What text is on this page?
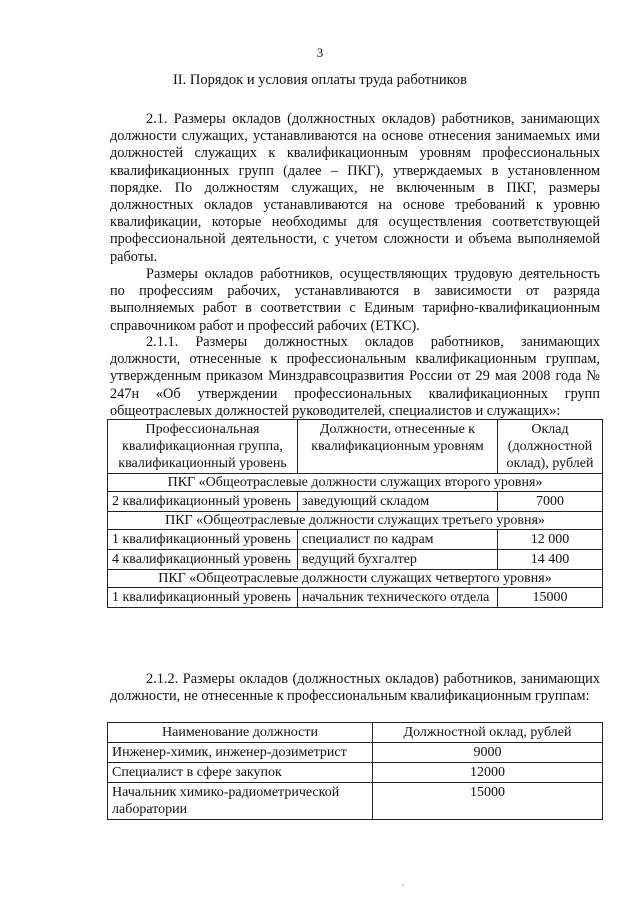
3
II. Порядок и условия оплаты труда работников

2.1. Размеры окладов (должностных окладов) работников, занимающих должности служащих, устанавливаются на основе отнесения занимаемых ими должностей служащих к квалификационным уровням профессиональных квалификационных групп (далее – ПКГ), утверждаемых в установленном порядке. По должностям служащих, не включенным в ПКГ, размеры должностных окладов устанавливаются на основе требований к уровню квалификации, которые необходимы для осуществления соответствующей профессиональной деятельности, с учетом сложности и объема выполняемой работы.

Размеры окладов работников, осуществляющих трудовую деятельность по профессиям рабочих, устанавливаются в зависимости от разряда выполняемых работ в соответствии с Единым тарифно-квалификационным справочником работ и профессий рабочих (ЕТКС).

2.1.1. Размеры должностных окладов работников, занимающих должности, отнесенные к профессиональным квалификационным группам, утвержденным приказом Минздравсоцразвития России от 29 мая 2008 года № 247н «Об утверждении профессиональных квалификационных групп общеотраслевых должностей руководителей, специалистов и служащих»:

Профессиональная квалификационная группа, квалификационный уровень	Должности, отнесенные к квалификационным уровням	Оклад (должностной оклад), рублей
ПКГ «Общеотраслевые должности служащих второго уровня»		
2 квалификационный уровень	заведующий складом	7000
ПКГ «Общеотраслевые должности служащих третьего уровня»		
1 квалификационный уровень	специалист по кадрам	12 000
4 квалификационный уровень	ведущий бухгалтер	14 400
ПКГ «Общеотраслевые должности служащих четвертого уровня»		
1 квалификационный уровень	начальник технического отдела	15000

2.1.2. Размеры окладов (должностных окладов) работников, занимающих должности, не отнесенные к профессиональным квалификационным группам:

Наименование должности	Должностной оклад, рублей
Инженер-химик, инженер-дозиметрист	9000
Специалист в сфере закупок	12000
Начальник химико-радиометрической лаборатории	15000
